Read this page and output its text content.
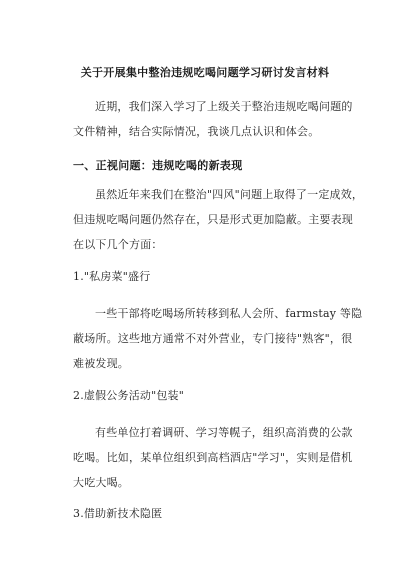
关于开展集中整治违规吃喝问题学习研讨发言材料
近期，我们深入学习了上级关于整治违规吃喝问题的
文件精神，结合实际情况，我谈几点认识和体会。
一、正视问题：违规吃喝的新表现
虽然近年来我们在整治"四风"问题上取得了一定成效，
但违规吃喝问题仍然存在，只是形式更加隐蔽。主要表现
在以下几个方面：
1."私房菜"盛行
一些干部将吃喝场所转移到私人会所、farmstay 等隐
蔽场所。这些地方通常不对外营业，专门接待"熟客"，很
难被发现。
2.虚假公务活动"包装"
有些单位打着调研、学习等幌子，组织高消费的公款
吃喝。比如，某单位组织到高档酒店"学习"，实则是借机
大吃大喝。
3.借助新技术隐匿
